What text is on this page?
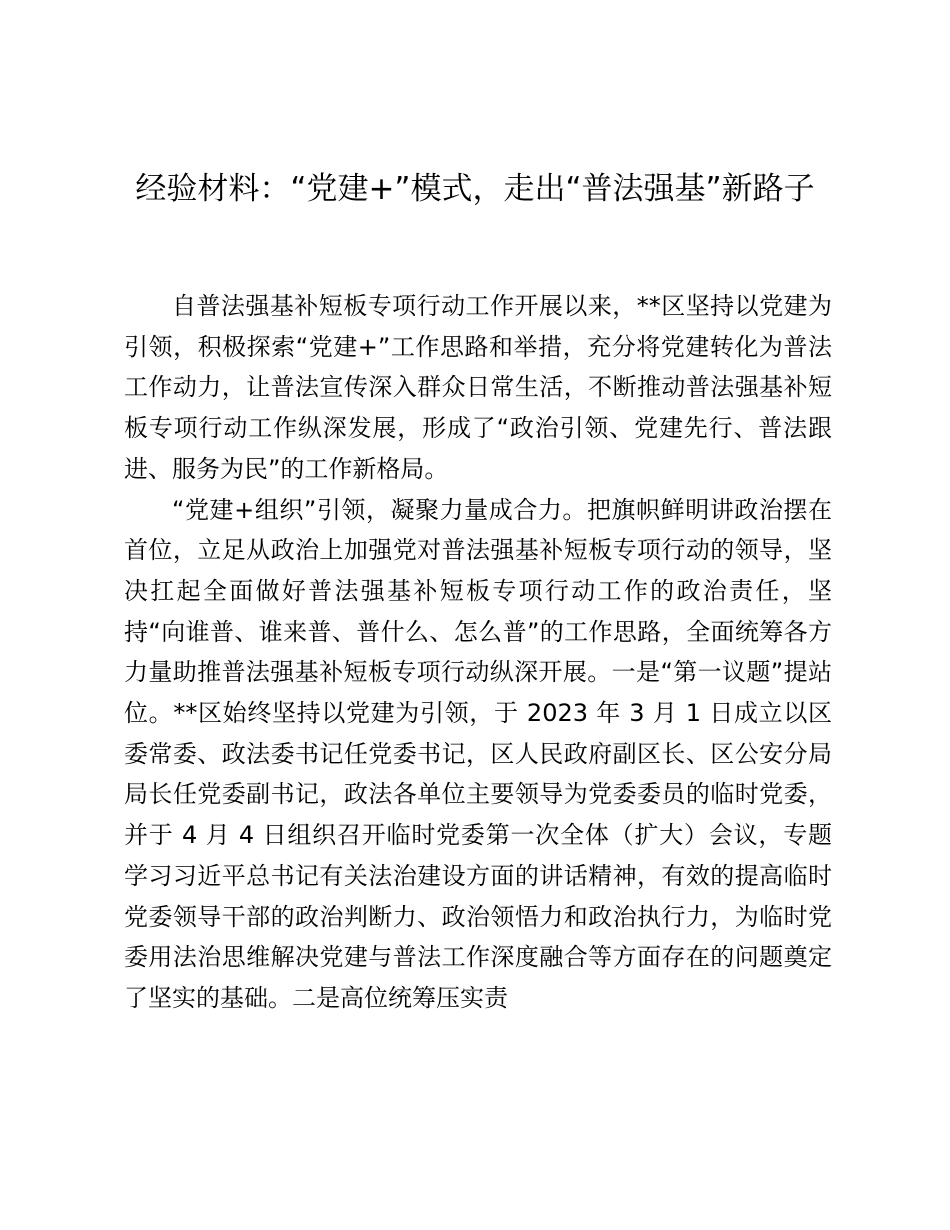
经验材料：“党建+”模式，走出“普法强基”新路子

自普法强基补短板专项行动工作开展以来，**区坚持以党建为引领，积极探索“党建+”工作思路和举措，充分将党建转化为普法工作动力，让普法宣传深入群众日常生活，不断推动普法强基补短板专项行动工作纵深发展，形成了“政治引领、党建先行、普法跟进、服务为民”的工作新格局。

“党建+组织”引领，凝聚力量成合力。把旗帜鲜明讲政治摆在首位，立足从政治上加强党对普法强基补短板专项行动的领导，坚决扛起全面做好普法强基补短板专项行动工作的政治责任，坚持“向谁普、谁来普、普什么、怎么普”的工作思路，全面统筹各方力量助推普法强基补短板专项行动纵深开展。一是“第一议题”提站位。**区始终坚持以党建为引领，于 2023 年 3 月 1 日成立以区委常委、政法委书记任党委书记，区人民政府副区长、区公安分局局长任党委副书记，政法各单位主要领导为党委委员的临时党委，并于 4 月 4 日组织召开临时党委第一次全体（扩大）会议，专题学习习近平总书记有关法治建设方面的讲话精神，有效的提高临时党委领导干部的政治判断力、政治领悟力和政治执行力，为临时党委用法治思维解决党建与普法工作深度融合等方面存在的问题奠定了坚实的基础。二是高位统筹压实责
